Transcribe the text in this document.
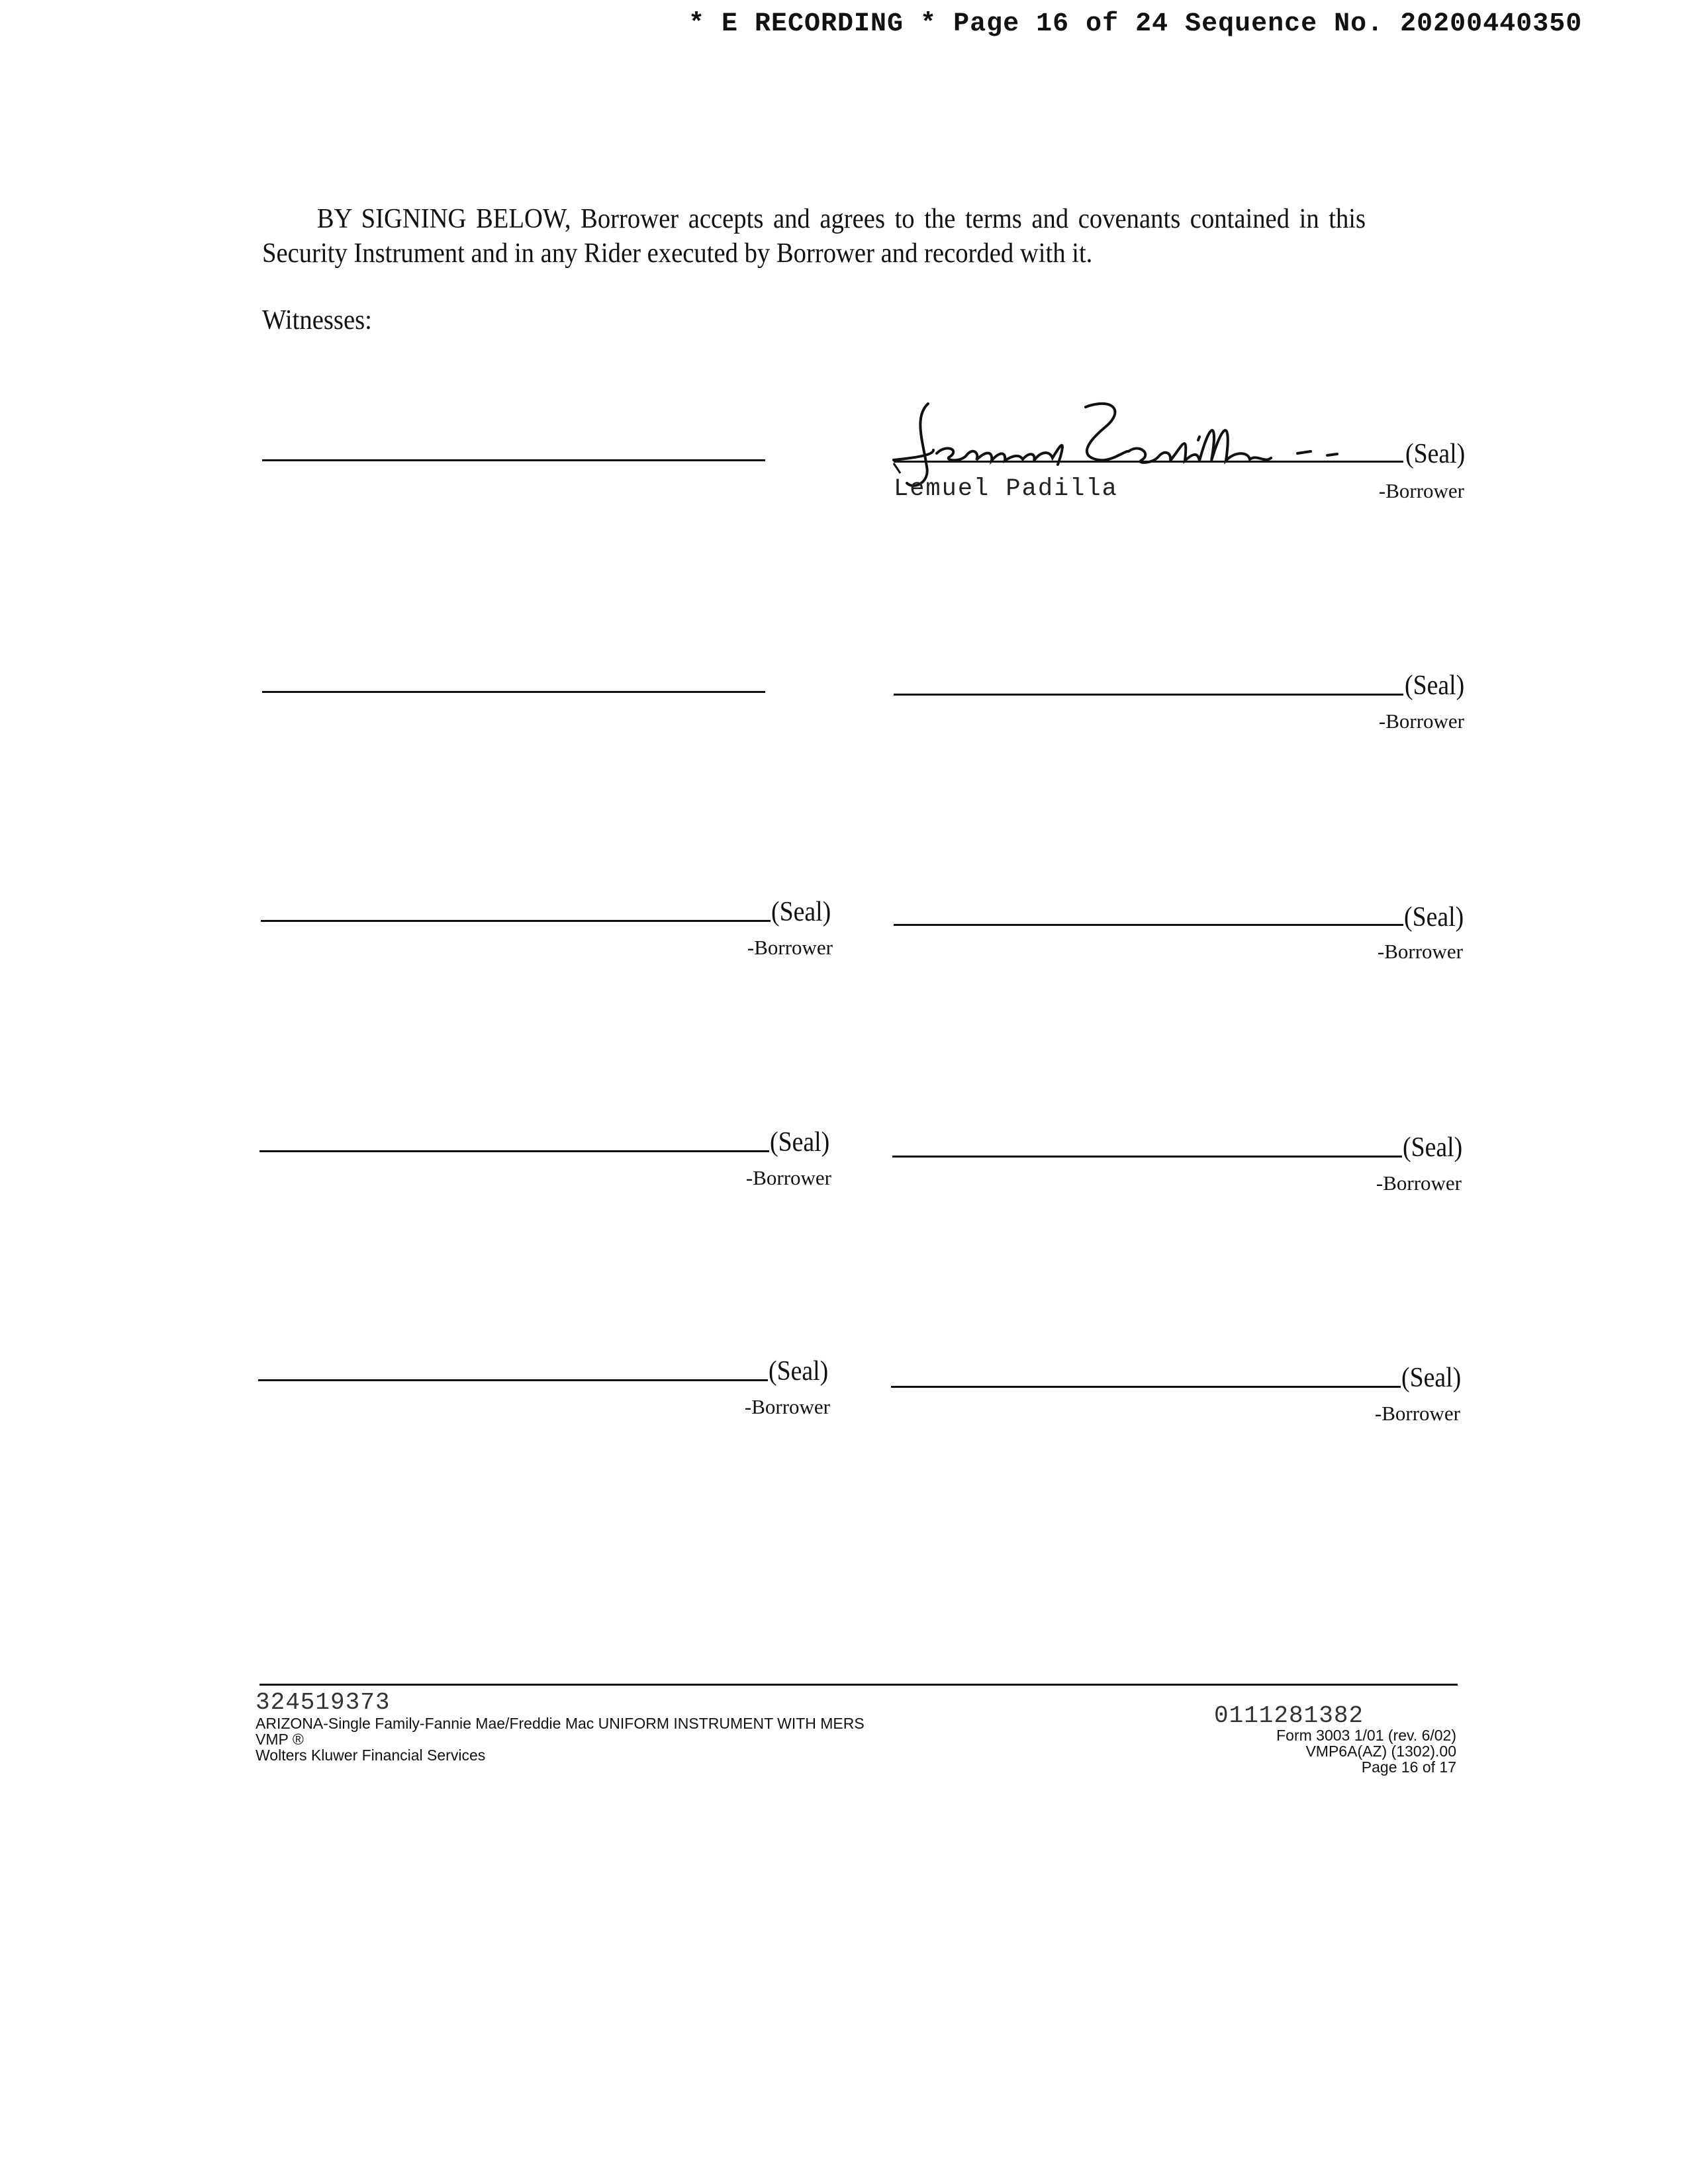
* E RECORDING * Page 16 of 24 Sequence No. 20200440350
BY SIGNING BELOW, Borrower accepts and agrees to the terms and covenants contained in this Security Instrument and in any Rider executed by Borrower and recorded with it.
Witnesses:
(Seal)
Lemuel Padilla	-Borrower
(Seal)
-Borrower
(Seal)
-Borrower
(Seal)
-Borrower
(Seal)
-Borrower
(Seal)
-Borrower
(Seal)
-Borrower
(Seal)
-Borrower
324519373
ARIZONA-Single Family-Fannie Mae/Freddie Mac UNIFORM INSTRUMENT WITH MERS
VMP ®
Wolters Kluwer Financial Services
0111281382
Form 3003 1/01 (rev. 6/02)
VMP6A(AZ) (1302).00
Page 16 of 17
